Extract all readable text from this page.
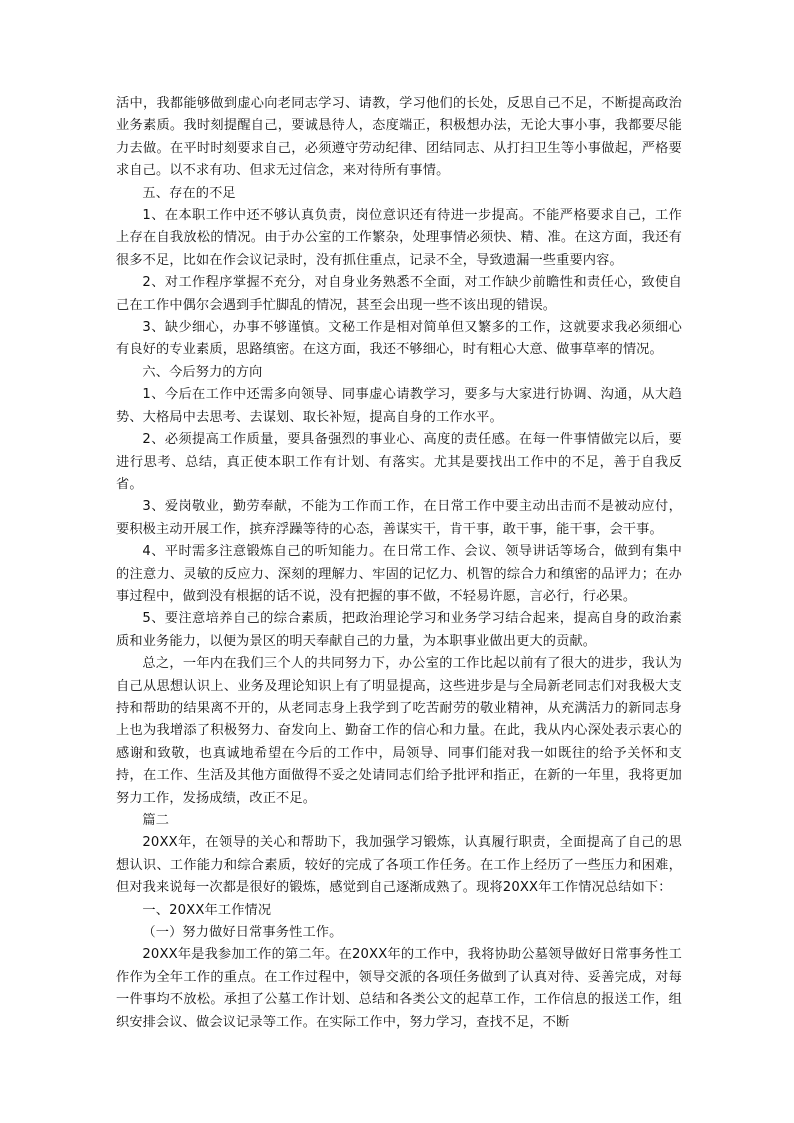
活中，我都能够做到虚心向老同志学习、请教，学习他们的长处，反思自己不足，不断提高政治业务素质。我时刻提醒自己，要诚恳待人，态度端正，积极想办法，无论大事小事，我都要尽能力去做。在平时时刻要求自己，必须遵守劳动纪律、团结同志、从打扫卫生等小事做起，严格要求自己。以不求有功、但求无过信念，来对待所有事情。

五、存在的不足

1、在本职工作中还不够认真负责，岗位意识还有待进一步提高。不能严格要求自己，工作上存在自我放松的情况。由于办公室的工作繁杂，处理事情必须快、精、准。在这方面，我还有很多不足，比如在作会议记录时，没有抓住重点，记录不全，导致遗漏一些重要内容。

2、对工作程序掌握不充分，对自身业务熟悉不全面，对工作缺少前瞻性和责任心，致使自己在工作中偶尔会遇到手忙脚乱的情况，甚至会出现一些不该出现的错误。

3、缺少细心，办事不够谨慎。文秘工作是相对简单但又繁多的工作，这就要求我必须细心有良好的专业素质，思路缜密。在这方面，我还不够细心，时有粗心大意、做事草率的情况。

六、今后努力的方向

1、今后在工作中还需多向领导、同事虚心请教学习，要多与大家进行协调、沟通，从大趋势、大格局中去思考、去谋划、取长补短，提高自身的工作水平。

2、必须提高工作质量，要具备强烈的事业心、高度的责任感。在每一件事情做完以后，要进行思考、总结，真正使本职工作有计划、有落实。尤其是要找出工作中的不足，善于自我反省。

3、爱岗敬业，勤劳奉献，不能为工作而工作，在日常工作中要主动出击而不是被动应付，要积极主动开展工作，摈弃浮躁等待的心态，善谋实干，肯干事，敢干事，能干事，会干事。

4、平时需多注意锻炼自己的听知能力。在日常工作、会议、领导讲话等场合，做到有集中的注意力、灵敏的反应力、深刻的理解力、牢固的记忆力、机智的综合力和缜密的品评力；在办事过程中，做到没有根据的话不说，没有把握的事不做，不轻易许愿，言必行，行必果。

5、要注意培养自己的综合素质，把政治理论学习和业务学习结合起来，提高自身的政治素质和业务能力，以便为景区的明天奉献自己的力量，为本职事业做出更大的贡献。

总之，一年内在我们三个人的共同努力下，办公室的工作比起以前有了很大的进步，我认为自己从思想认识上、业务及理论知识上有了明显提高，这些进步是与全局新老同志们对我极大支持和帮助的结果离不开的，从老同志身上我学到了吃苦耐劳的敬业精神，从充满活力的新同志身上也为我增添了积极努力、奋发向上、勤奋工作的信心和力量。在此，我从内心深处表示衷心的感谢和致敬，也真诚地希望在今后的工作中，局领导、同事们能对我一如既往的给予关怀和支持，在工作、生活及其他方面做得不妥之处请同志们给予批评和指正，在新的一年里，我将更加努力工作，发扬成绩，改正不足。

篇二

20XX年，在领导的关心和帮助下，我加强学习锻炼，认真履行职责，全面提高了自己的思想认识、工作能力和综合素质，较好的完成了各项工作任务。在工作上经历了一些压力和困难，但对我来说每一次都是很好的锻炼，感觉到自己逐渐成熟了。现将20XX年工作情况总结如下：

一、20XX年工作情况

（一）努力做好日常事务性工作。

20XX年是我参加工作的第二年。在20XX年的工作中，我将协助公墓领导做好日常事务性工作作为全年工作的重点。在工作过程中，领导交派的各项任务做到了认真对待、妥善完成，对每一件事均不放松。承担了公墓工作计划、总结和各类公文的起草工作，工作信息的报送工作，组织安排会议、做会议记录等工作。在实际工作中，努力学习，查找不足，不断
